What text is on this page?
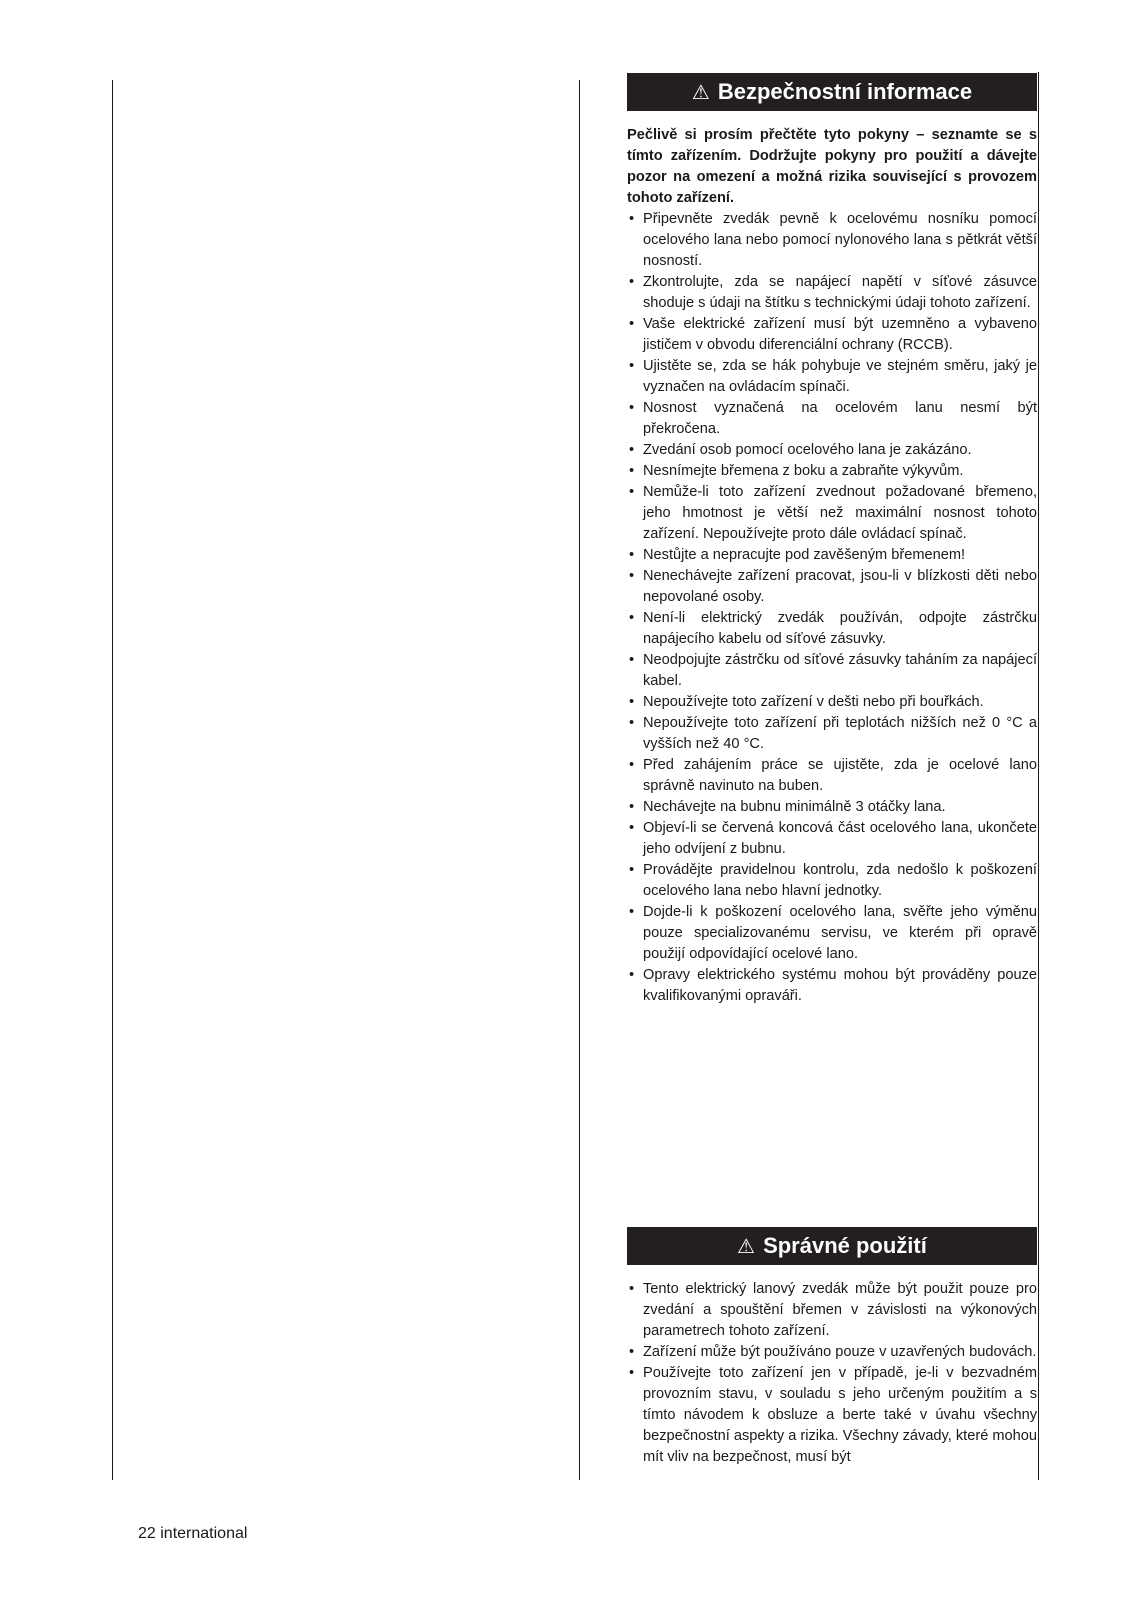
⚠ Bezpečnostní informace

Pečlivě si prosím přečtěte tyto pokyny – seznamte se s tímto zařízením. Dodržujte pokyny pro použití a dávejte pozor na omezení a možná rizika související s provozem tohoto zařízení.

• Připevněte zvedák pevně k ocelovému nosníku pomocí ocelového lana nebo pomocí nylonového lana s pětkrát větší nosností.
• Zkontrolujte, zda se napájecí napětí v síťové zásuvce shoduje s údaji na štítku s technickými údaji tohoto zařízení.
• Vaše elektrické zařízení musí být uzemněno a vybaveno jističem v obvodu diferenciální ochrany (RCCB).
• Ujistěte se, zda se hák pohybuje ve stejném směru, jaký je vyznačen na ovládacím spínači.
• Nosnost vyznačená na ocelovém lanu nesmí být překročena.
• Zvedání osob pomocí ocelového lana je zakázáno.
• Nesnímejte břemena z boku a zabraňte výkyvům.
• Nemůže-li toto zařízení zvednout požadované břemeno, jeho hmotnost je větší než maximální nosnost tohoto zařízení. Nepoužívejte proto dále ovládací spínač.
• Nestůjte a nepracujte pod zavěšeným břemenem!
• Nenechávejte zařízení pracovat, jsou-li v blízkosti děti nebo nepovolané osoby.
• Není-li elektrický zvedák používán, odpojte zástrčku napájecího kabelu od síťové zásuvky.
• Neodpojujte zástrčku od síťové zásuvky taháním za napájecí kabel.
• Nepoužívejte toto zařízení v dešti nebo při bouřkách.
• Nepoužívejte toto zařízení při teplotách nižších než 0 °C a vyšších než 40 °C.
• Před zahájením práce se ujistěte, zda je ocelové lano správně navinuto na buben.
• Nechávejte na bubnu minimálně 3 otáčky lana.
• Objeví-li se červená koncová část ocelového lana, ukončete jeho odvíjení z bubnu.
• Provádějte pravidelnou kontrolu, zda nedošlo k poškození ocelového lana nebo hlavní jednotky.
• Dojde-li k poškození ocelového lana, svěřte jeho výměnu pouze specializovanému servisu, ve kterém při opravě použijí odpovídající ocelové lano.
• Opravy elektrického systému mohou být prováděny pouze kvalifikovanými opraváři.
⚠ Správné použití
• Tento elektrický lanový zvedák může být použit pouze pro zvedání a spouštění břemen v závislosti na výkonových parametrech tohoto zařízení.
• Zařízení může být používáno pouze v uzavřených budovách.
• Používejte toto zařízení jen v případě, je-li v bezvadném provozním stavu, v souladu s jeho určeným použitím a s tímto návodem k obsluze a berte také v úvahu všechny bezpečnostní aspekty a rizika. Všechny závady, které mohou mít vliv na bezpečnost, musí být
22 international
